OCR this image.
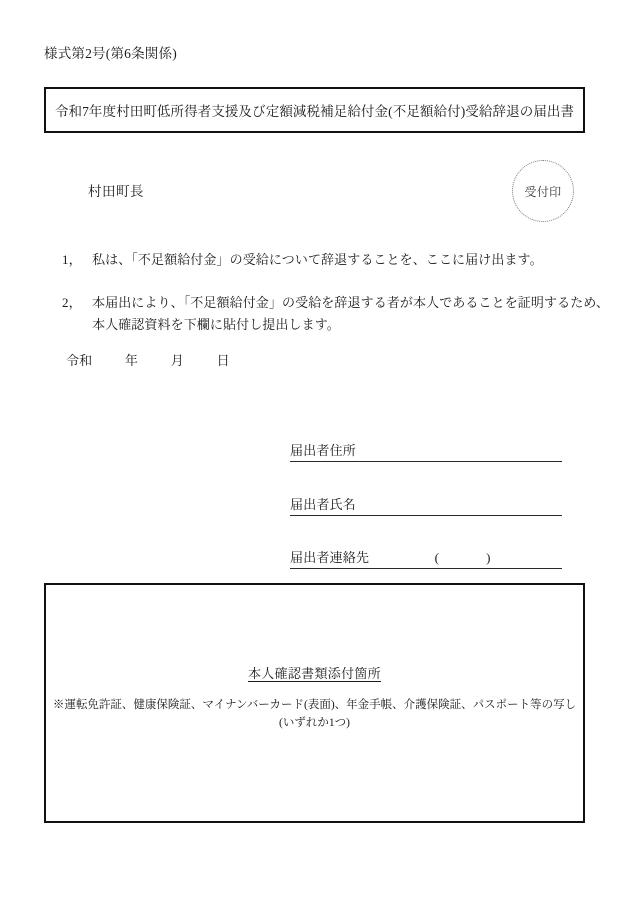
様式第2号(第6条関係)
令和7年度村田町低所得者支援及び定額減税補足給付金(不足額給付)受給辞退の届出書
村田町長	受付印
1， 私は、「不足額給付金」の受給について辞退することを、ここに届け出ます。
2， 本届出により、「不足額給付金」の受給を辞退する者が本人であることを証明するため、 本人確認資料を下欄に貼付し提出します。
令和	年	月	日
届出者住所
届出者氏名
届出者連絡先	(	)
本人確認書類添付箇所
※運転免許証、健康保険証、マイナンバーカード(表面)、年金手帳、介護保険証、パスポート等の写し
(いずれか1つ)
